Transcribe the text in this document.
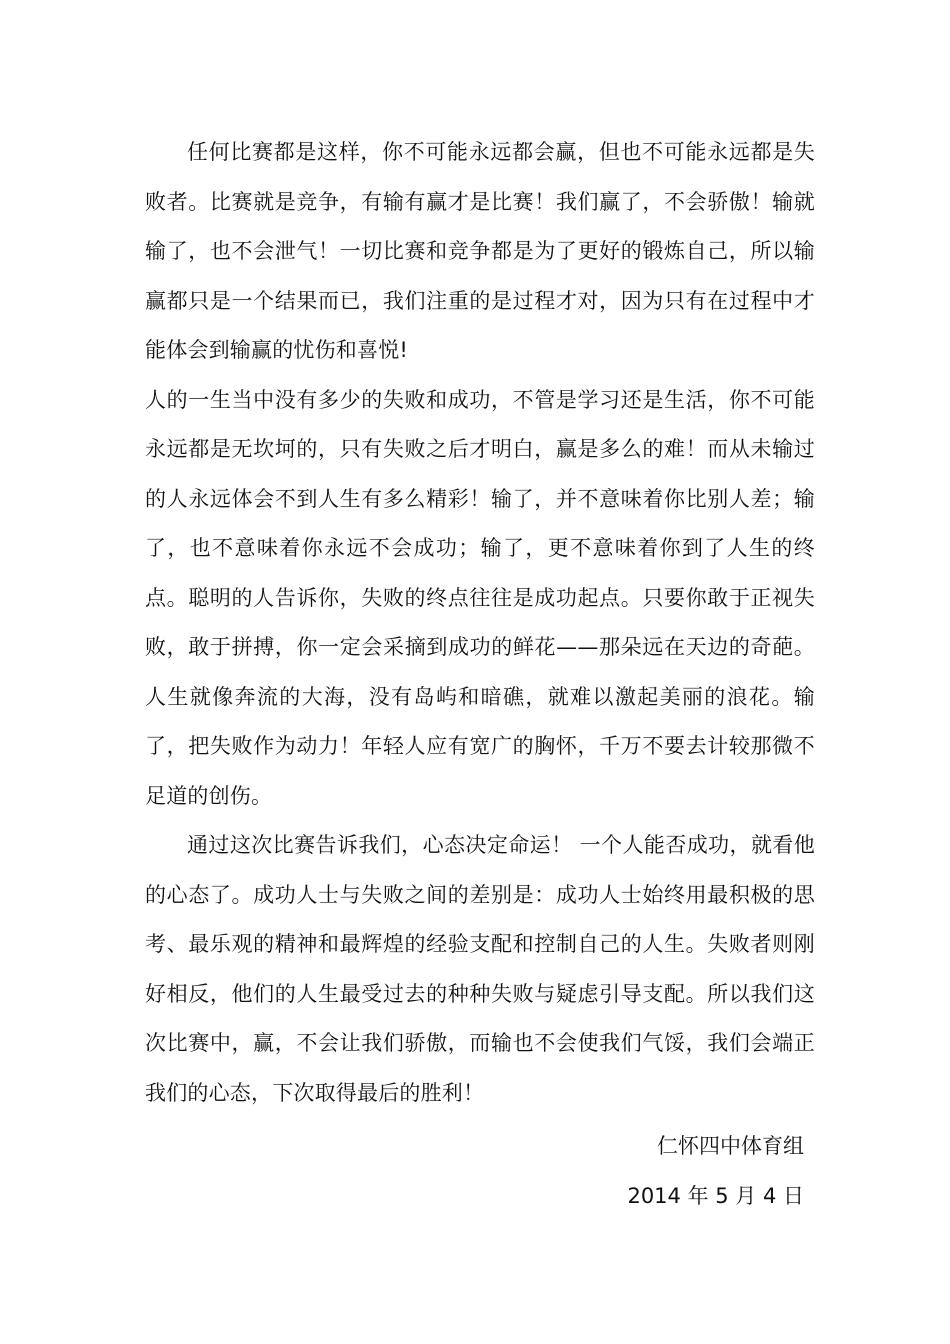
任何比赛都是这样，你不可能永远都会赢，但也不可能永远都是失败者。比赛就是竞争，有输有赢才是比赛！我们赢了，不会骄傲！输就输了，也不会泄气！一切比赛和竞争都是为了更好的锻炼自己，所以输赢都只是一个结果而已，我们注重的是过程才对，因为只有在过程中才能体会到输赢的忧伤和喜悦!

人的一生当中没有多少的失败和成功，不管是学习还是生活，你不可能永远都是无坎坷的，只有失败之后才明白，赢是多么的难！而从未输过的人永远体会不到人生有多么精彩！输了，并不意味着你比别人差；输了，也不意味着你永远不会成功；输了，更不意味着你到了人生的终点。聪明的人告诉你，失败的终点往往是成功起点。只要你敢于正视失败，敢于拼搏，你一定会采摘到成功的鲜花——那朵远在天边的奇葩。人生就像奔流的大海，没有岛屿和暗礁，就难以激起美丽的浪花。输了，把失败作为动力！年轻人应有宽广的胸怀，千万不要去计较那微不足道的创伤。

通过这次比赛告诉我们，心态决定命运！ 一个人能否成功，就看他的心态了。成功人士与失败之间的差别是：成功人士始终用最积极的思考、最乐观的精神和最辉煌的经验支配和控制自己的人生。失败者则刚好相反，他们的人生最受过去的种种失败与疑虑引导支配。所以我们这次比赛中，赢，不会让我们骄傲，而输也不会使我们气馁，我们会端正我们的心态，下次取得最后的胜利！

仁怀四中体育组
2014 年 5 月 4 日
